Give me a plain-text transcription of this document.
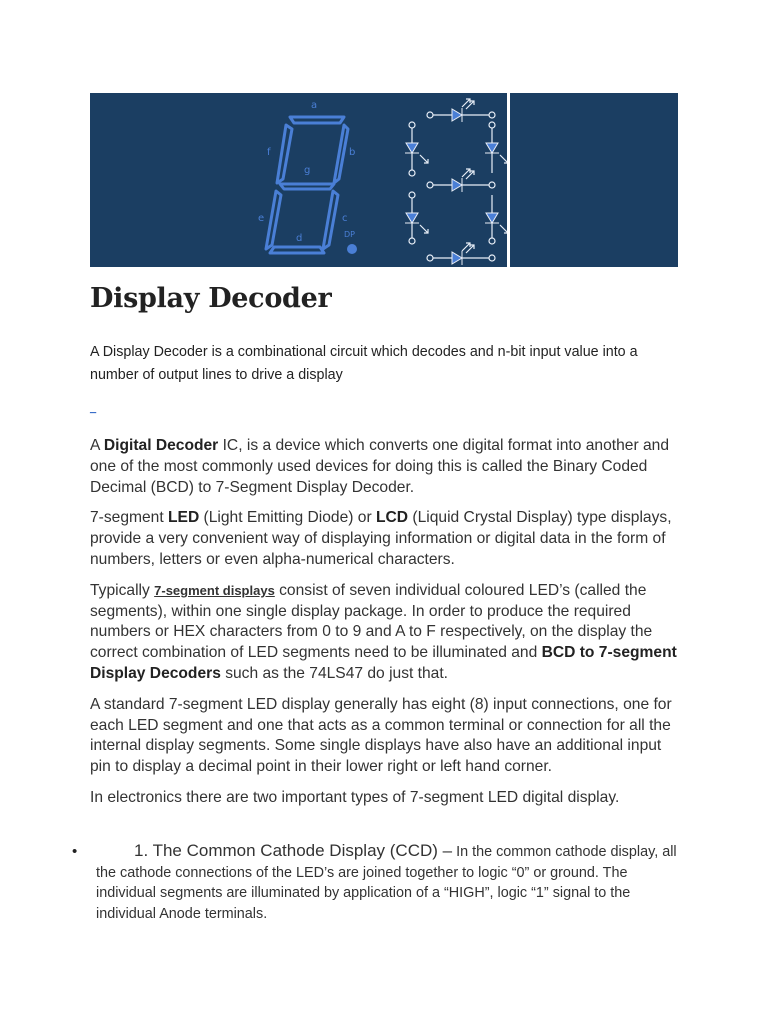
a
f	b
g
e	c
d	DP
Display Decoder

A Display Decoder is a combinational circuit which decodes and n-bit input value into a number of output lines to drive a display

_

A Digital Decoder IC, is a device which converts one digital format into another and one of the most commonly used devices for doing this is called the Binary Coded Decimal (BCD) to 7-Segment Display Decoder.

7-segment LED (Light Emitting Diode) or LCD (Liquid Crystal Display) type displays, provide a very convenient way of displaying information or digital data in the form of numbers, letters or even alpha-numerical characters.

Typically 7-segment displays consist of seven individual coloured LED’s (called the segments), within one single display package. In order to produce the required numbers or HEX characters from 0 to 9 and A to F respectively, on the display the correct combination of LED segments need to be illuminated and BCD to 7-segment Display Decoders such as the 74LS47 do just that.

A standard 7-segment LED display generally has eight (8) input connections, one for each LED segment and one that acts as a common terminal or connection for all the internal display segments. Some single displays have also have an additional input pin to display a decimal point in their lower right or left hand corner.

In electronics there are two important types of 7-segment LED digital display.

•	1. The Common Cathode Display (CCD) – In the common cathode display, all the cathode connections of the LED’s are joined together to logic “0” or ground. The individual segments are illuminated by application of a “HIGH”, logic “1” signal to the individual Anode terminals.
